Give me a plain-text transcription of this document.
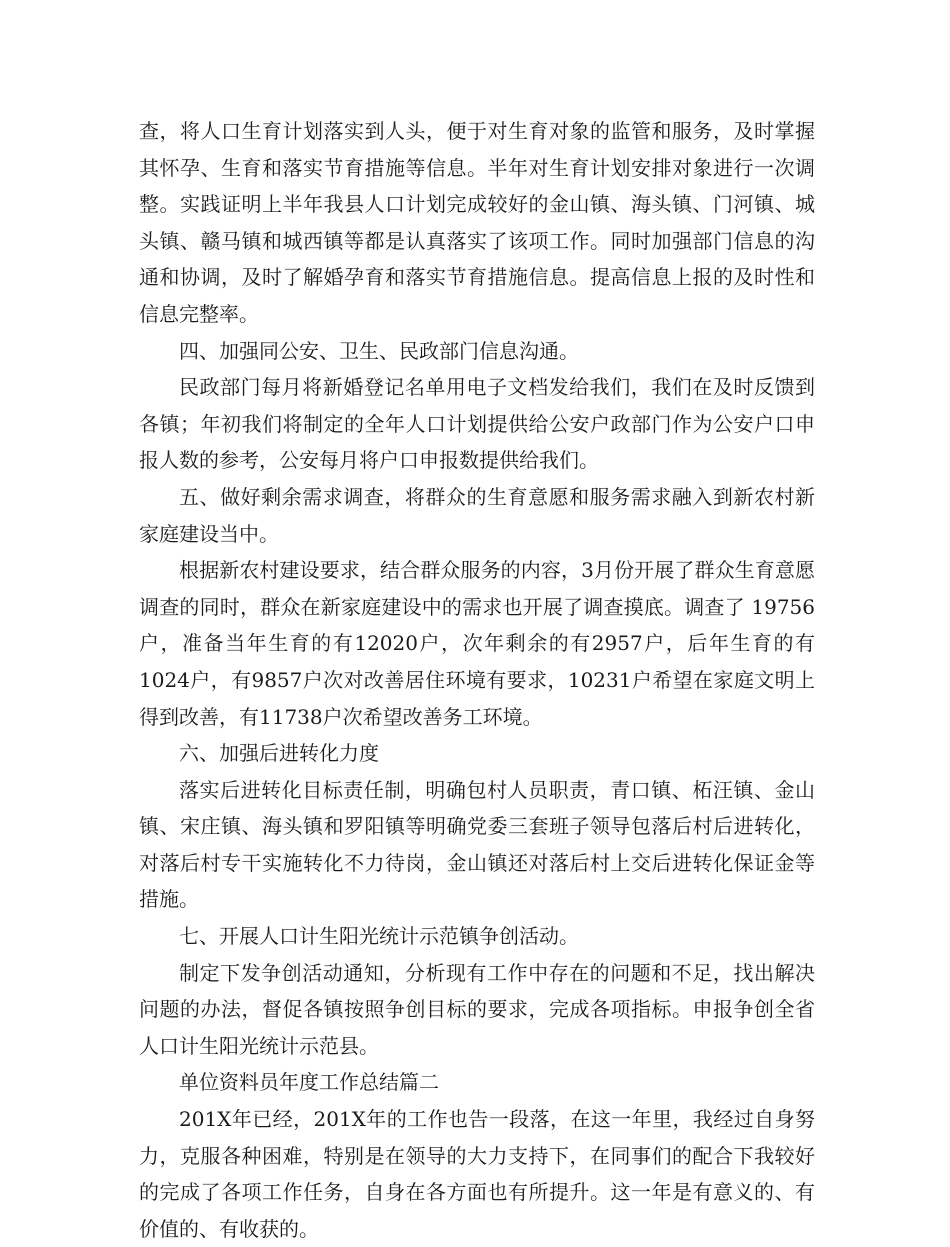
查，将人口生育计划落实到人头，便于对生育对象的监管和服务，及时掌握其怀孕、生育和落实节育措施等信息。半年对生育计划安排对象进行一次调整。实践证明上半年我县人口计划完成较好的金山镇、海头镇、门河镇、城头镇、赣马镇和城西镇等都是认真落实了该项工作。同时加强部门信息的沟通和协调，及时了解婚孕育和落实节育措施信息。提高信息上报的及时性和信息完整率。

四、加强同公安、卫生、民政部门信息沟通。

民政部门每月将新婚登记名单用电子文档发给我们，我们在及时反馈到各镇；年初我们将制定的全年人口计划提供给公安户政部门作为公安户口申报人数的参考，公安每月将户口申报数提供给我们。

五、做好剩余需求调查，将群众的生育意愿和服务需求融入到新农村新家庭建设当中。

根据新农村建设要求，结合群众服务的内容，3月份开展了群众生育意愿调查的同时，群众在新家庭建设中的需求也开展了调查摸底。调查了 19756户，准备当年生育的有12020户，次年剩余的有2957户，后年生育的有1024户，有9857户次对改善居住环境有要求，10231户希望在家庭文明上得到改善，有11738户次希望改善务工环境。

六、加强后进转化力度

落实后进转化目标责任制，明确包村人员职责，青口镇、柘汪镇、金山镇、宋庄镇、海头镇和罗阳镇等明确党委三套班子领导包落后村后进转化，对落后村专干实施转化不力待岗，金山镇还对落后村上交后进转化保证金等措施。

七、开展人口计生阳光统计示范镇争创活动。

制定下发争创活动通知，分析现有工作中存在的问题和不足，找出解决问题的办法，督促各镇按照争创目标的要求，完成各项指标。申报争创全省人口计生阳光统计示范县。

单位资料员年度工作总结篇二

201X年已经，201X年的工作也告一段落，在这一年里，我经过自身努力，克服各种困难，特别是在领导的大力支持下，在同事们的配合下我较好的完成了各项工作任务，自身在各方面也有所提升。这一年是有意义的、有价值的、有收获的。
